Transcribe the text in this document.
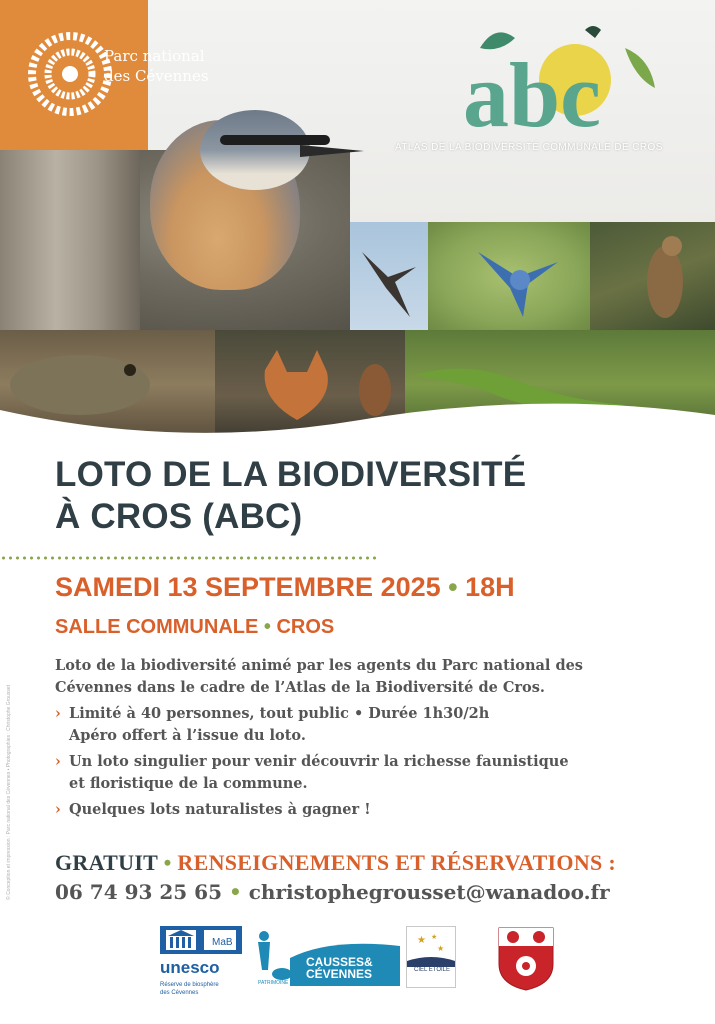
Parc national
des Cévennes	abc
ATLAS DE LA BIODIVERSITÉ COMMUNALE DE CROS
© Conception et impression : Parc national des Cévennes • Photographies : Christophe Grousset
LOTO DE LA BIODIVERSITÉ
À CROS (ABC)
SAMEDI 13 SEPTEMBRE 2025 • 18H
SALLE COMMUNALE • CROS

Loto de la biodiversité animé par les agents du Parc national des

Cévennes dans le cadre de l’Atlas de la Biodiversité de Cros.

› Limité à 40 personnes, tout public • Durée 1h30/2h

Apéro offert à l’issue du loto.

› Un loto singulier pour venir découvrir la richesse faunistique

et floristique de la commune.

› Quelques lots naturalistes à gagner !

GRATUIT • RENSEIGNEMENTS ET RÉSERVATIONS :
06 74 93 25 65 • christophegrousset@wanadoo.fr
MaB
unesco
Réserve de biosphère
des Cévennes
PATRIMOINE MONDIAL
CAUSSES&
CÉVENNES
★ ★
★
CIEL ÉTOILÉ
